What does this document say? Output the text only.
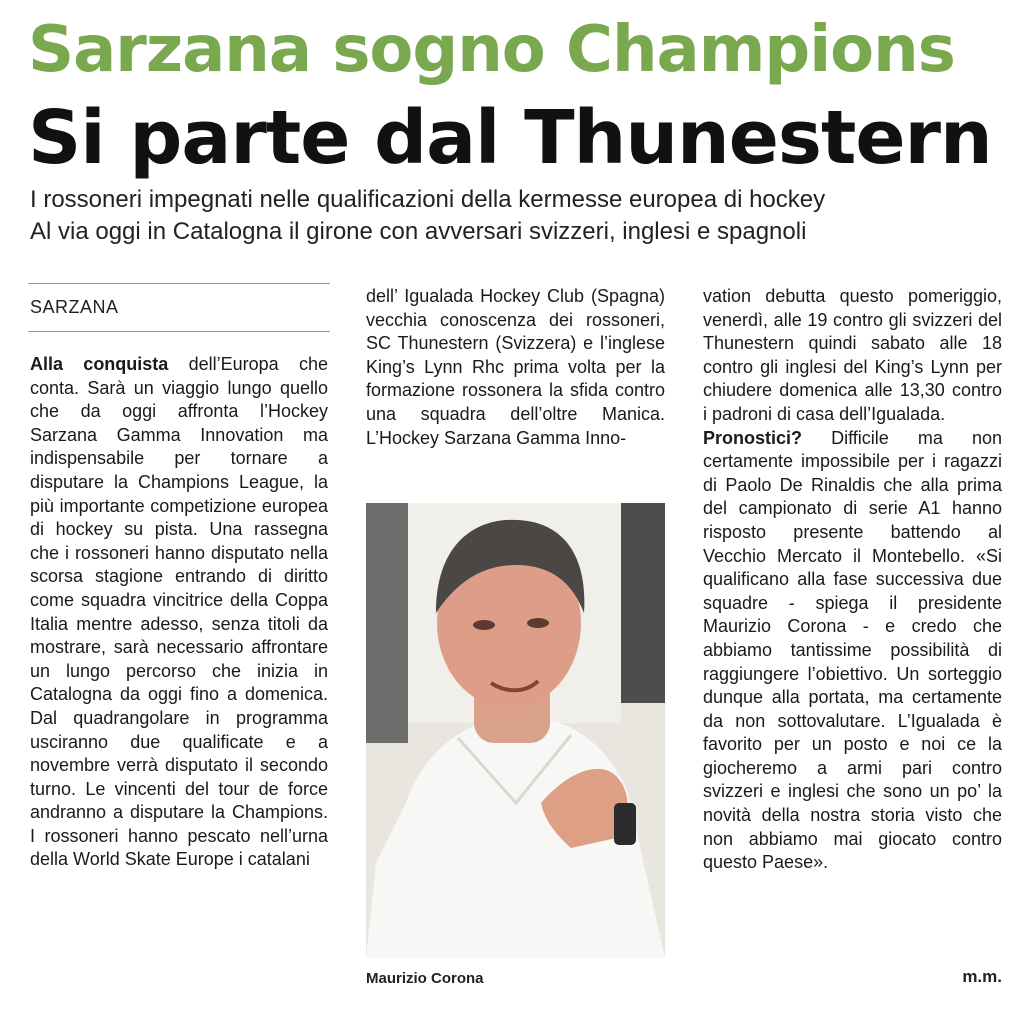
Sarzana sogno Champions
Si parte dal Thunestern
I rossoneri impegnati nelle qualificazioni della kermesse europea di hockey
Al via oggi in Catalogna il girone con avversari svizzeri, inglesi e spagnoli
SARZANA

Alla conquista dell’Europa che conta. Sarà un viaggio lungo quello che da oggi affronta l’Hockey Sarzana Gamma Innovation ma indispensabile per tornare a disputare la Champions League, la più importante competizione europea di hockey su pista. Una rassegna che i rossoneri hanno disputato nella scorsa stagione entrando di diritto come squadra vincitrice della Coppa Italia mentre adesso, senza titoli da mostrare, sarà necessario affrontare un lungo percorso che inizia in Catalogna da oggi fino a domenica. Dal quadrangolare in programma usciranno due qualificate e a novembre verrà disputato il secondo turno. Le vincenti del tour de force andranno a disputare la Champions. I rossoneri hanno pescato nell’urna della World Skate Europe i catalani

dell’ Igualada Hockey Club (Spagna) vecchia conoscenza dei rossoneri, SC Thunestern (Svizzera) e l’inglese King’s Lynn Rhc prima volta per la formazione rossonera la sfida contro una squadra dell’oltre Manica. L’Hockey Sarzana Gamma Inno-

Maurizio Corona

vation debutta questo pomeriggio, venerdì, alle 19 contro gli svizzeri del Thunestern quindi sabato alle 18 contro gli inglesi del King’s Lynn per chiudere domenica alle 13,30 contro i padroni di casa dell’Igualada.

Pronostici? Difficile ma non certamente impossibile per i ragazzi di Paolo De Rinaldis che alla prima del campionato di serie A1 hanno risposto presente battendo al Vecchio Mercato il Montebello. «Si qualificano alla fase successiva due squadre - spiega il presidente Maurizio Corona - e credo che abbiamo tantissime possibilità di raggiungere l’obiettivo. Un sorteggio dunque alla portata, ma certamente da non sottovalutare. L’Igualada è favorito per un posto e noi ce la giocheremo a armi pari contro svizzeri e inglesi che sono un po’ la novità della nostra storia visto che non abbiamo mai giocato contro questo Paese».

m.m.
